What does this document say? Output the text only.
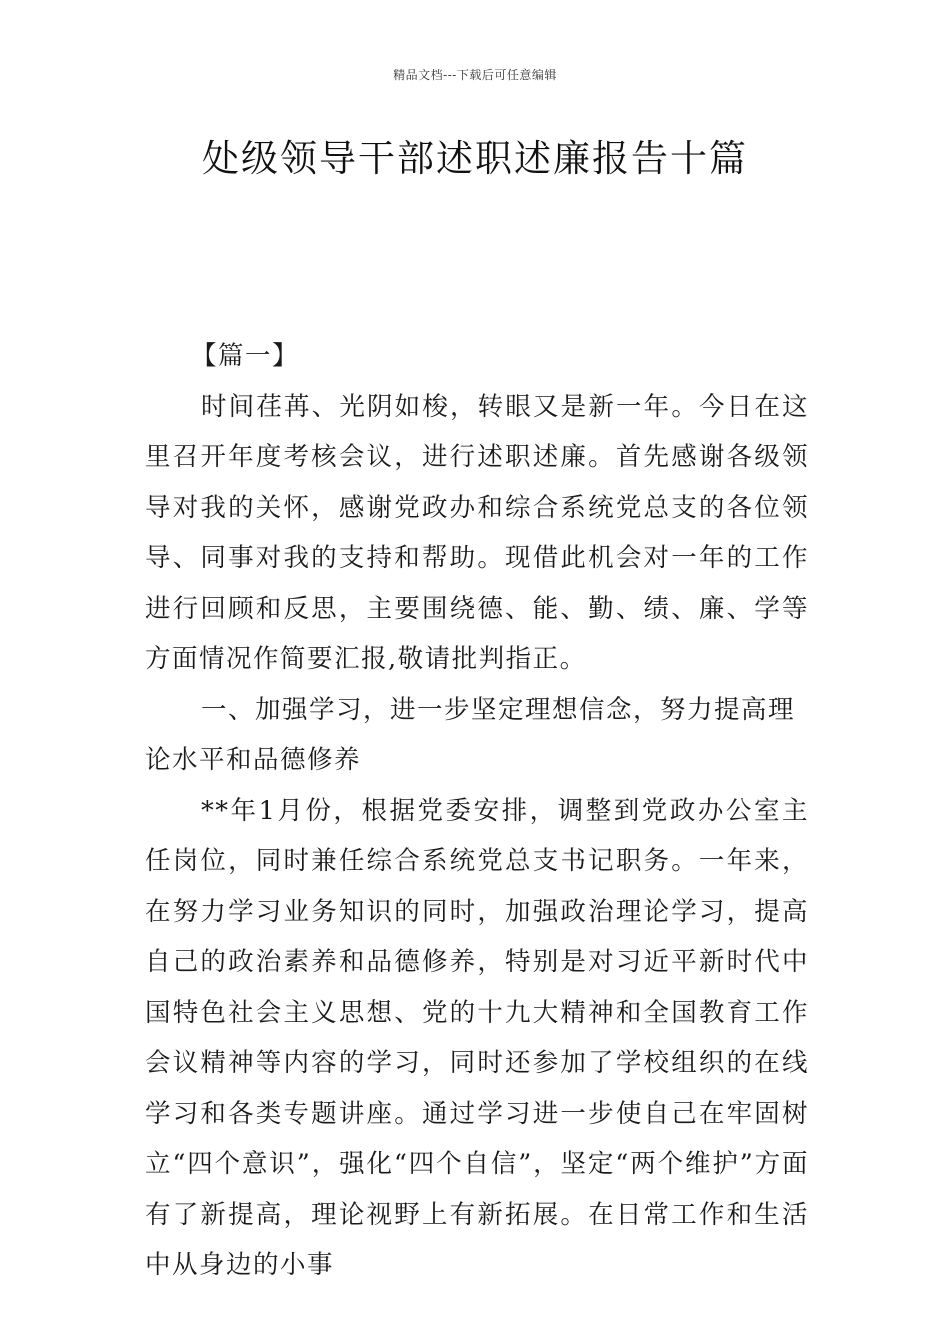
精品文档---下载后可任意编辑
处级领导干部述职述廉报告十篇

【篇一】

时间荏苒、光阴如梭，转眼又是新一年。今日在这里召开年度考核会议，进行述职述廉。首先感谢各级领导对我的关怀，感谢党政办和综合系统党总支的各位领导、同事对我的支持和帮助。现借此机会对一年的工作进行回顾和反思，主要围绕德、能、勤、绩、廉、学等方面情况作简要汇报,敬请批判指正。

一、加强学习，进一步坚定理想信念，努力提高理论水平和品德修养

**年1月份，根据党委安排，调整到党政办公室主任岗位，同时兼任综合系统党总支书记职务。一年来，在努力学习业务知识的同时，加强政治理论学习，提高自己的政治素养和品德修养，特别是对习近平新时代中国特色社会主义思想、党的十九大精神和全国教育工作会议精神等内容的学习，同时还参加了学校组织的在线学习和各类专题讲座。通过学习进一步使自己在牢固树立“四个意识”，强化“四个自信”，坚定“两个维护”方面有了新提高，理论视野上有新拓展。在日常工作和生活中从身边的小事
